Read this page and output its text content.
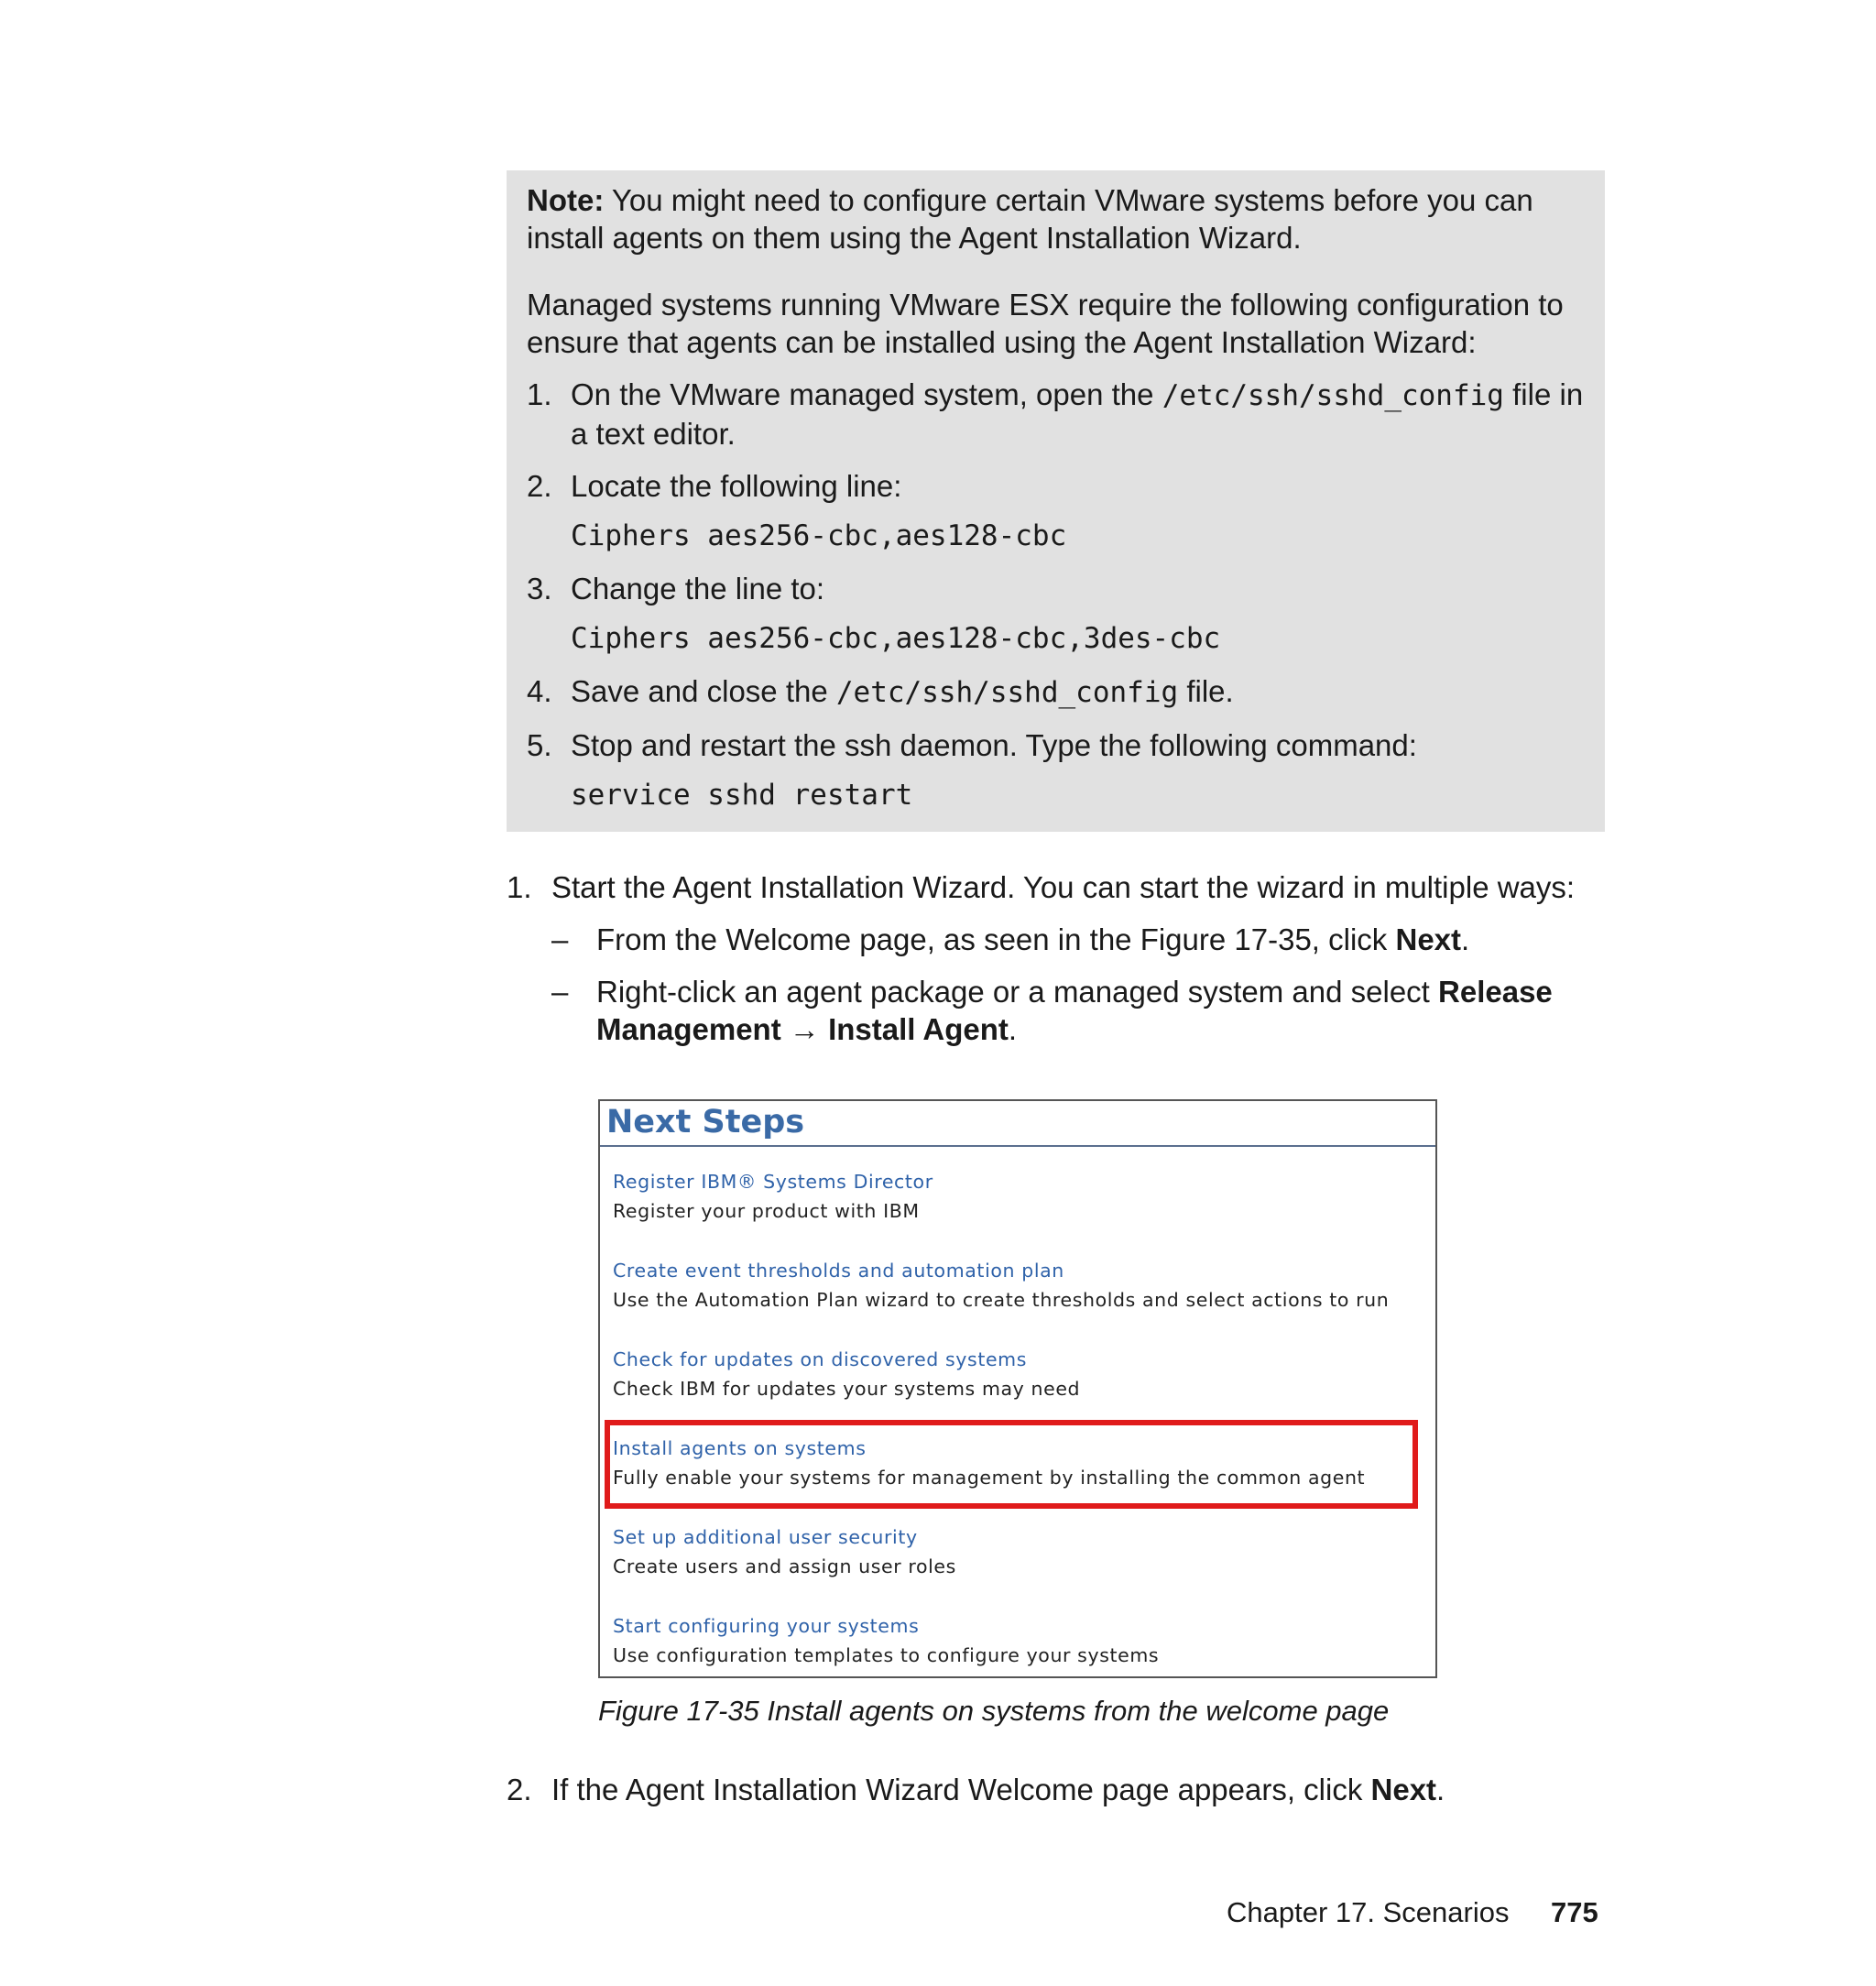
Note: You might need to configure certain VMware systems before you can install agents on them using the Agent Installation Wizard.

Managed systems running VMware ESX require the following configuration to ensure that agents can be installed using the Agent Installation Wizard:

1. On the VMware managed system, open the /etc/ssh/sshd_config file in a text editor.
2. Locate the following line:
Ciphers aes256-cbc,aes128-cbc
3. Change the line to:
Ciphers aes256-cbc,aes128-cbc,3des-cbc
4. Save and close the /etc/ssh/sshd_config file.
5. Stop and restart the ssh daemon. Type the following command:
service sshd restart
1. Start the Agent Installation Wizard. You can start the wizard in multiple ways:
– From the Welcome page, as seen in the Figure 17-35, click Next.
– Right-click an agent package or a managed system and select Release Management → Install Agent.
Next Steps
Register IBM® Systems Director
Register your product with IBM
Create event thresholds and automation plan
Use the Automation Plan wizard to create thresholds and select actions to run
Check for updates on discovered systems
Check IBM for updates your systems may need
Install agents on systems
Fully enable your systems for management by installing the common agent
Set up additional user security
Create users and assign user roles
Start configuring your systems
Use configuration templates to configure your systems
Figure 17-35 Install agents on systems from the welcome page
2. If the Agent Installation Wizard Welcome page appears, click Next.
Chapter 17. Scenarios 775
